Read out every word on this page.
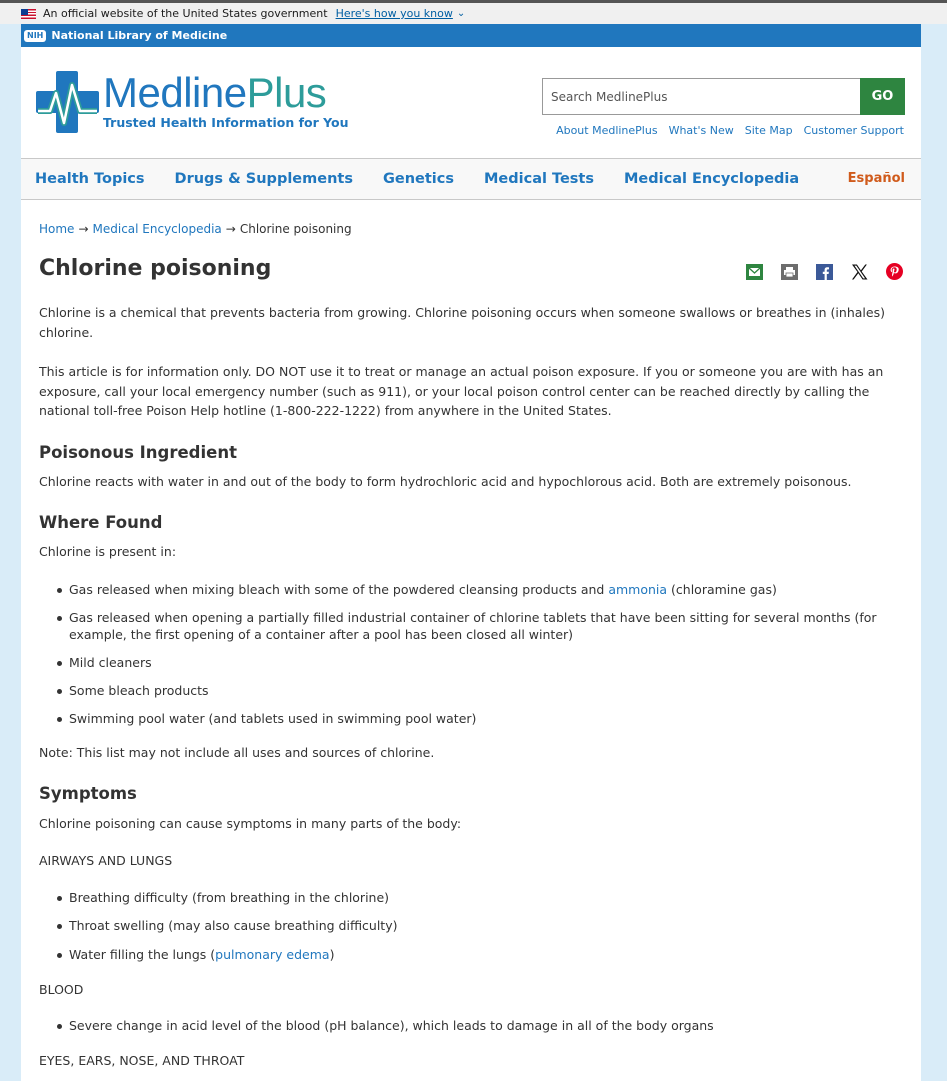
An official website of the United States government Here's how you know ⌄
NIH National Library of Medicine
MedlinePlus
Trusted Health Information for You
Search MedlinePlus
GO
About MedlinePlus What's New Site Map Customer Support
Health Topics Drugs & Supplements Genetics Medical Tests Medical Encyclopedia	Español
Home → Medical Encyclopedia → Chlorine poisoning
Chlorine poisoning

Chlorine is a chemical that prevents bacteria from growing. Chlorine poisoning occurs when someone swallows or breathes in (inhales) chlorine.

This article is for information only. DO NOT use it to treat or manage an actual poison exposure. If you or someone you are with has an exposure, call your local emergency number (such as 911), or your local poison control center can be reached directly by calling the national toll-free Poison Help hotline (1-800-222-1222) from anywhere in the United States.

Poisonous Ingredient

Chlorine reacts with water in and out of the body to form hydrochloric acid and hypochlorous acid. Both are extremely poisonous.

Where Found

Chlorine is present in:

Gas released when mixing bleach with some of the powdered cleansing products and ammonia (chloramine gas)
Gas released when opening a partially filled industrial container of chlorine tablets that have been sitting for several months (for example, the first opening of a container after a pool has been closed all winter)
Mild cleaners
Some bleach products
Swimming pool water (and tablets used in swimming pool water)

Note: This list may not include all uses and sources of chlorine.

Symptoms

Chlorine poisoning can cause symptoms in many parts of the body:

AIRWAYS AND LUNGS

Breathing difficulty (from breathing in the chlorine)
Throat swelling (may also cause breathing difficulty)
Water filling the lungs (pulmonary edema)

BLOOD

Severe change in acid level of the blood (pH balance), which leads to damage in all of the body organs

EYES, EARS, NOSE, AND THROAT
